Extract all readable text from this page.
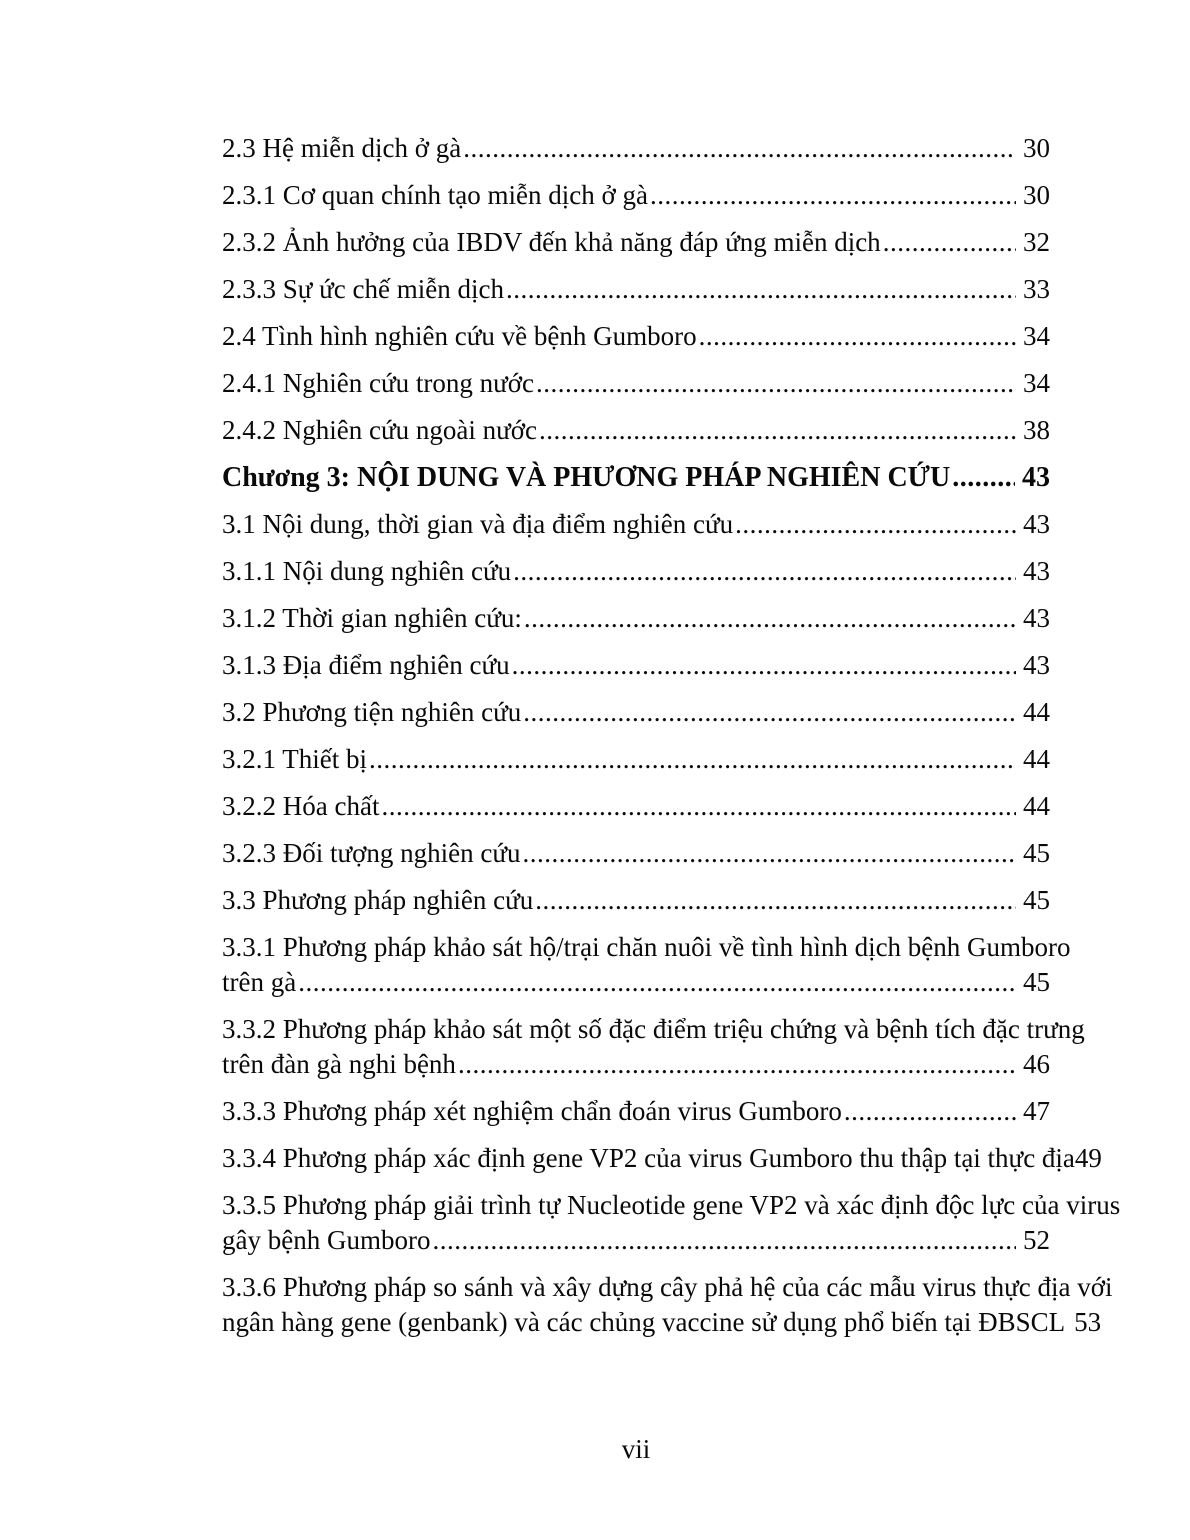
2.3 Hệ miễn dịch ở gà .....	30
2.3.1 Cơ quan chính tạo miễn dịch ở gà .....	30
2.3.2 Ảnh hưởng của IBDV đến khả năng đáp ứng miễn dịch .....	32
2.3.3 Sự ức chế miễn dịch .....	33
2.4 Tình hình nghiên cứu về bệnh Gumboro .....	34
2.4.1 Nghiên cứu trong nước .....	34
2.4.2 Nghiên cứu ngoài nước .....	38
Chương 3: NỘI DUNG VÀ PHƯƠNG PHÁP NGHIÊN CỨU .....	43
3.1 Nội dung, thời gian và địa điểm nghiên cứu .....	43
3.1.1 Nội dung nghiên cứu .....	43
3.1.2 Thời gian nghiên cứu: .....	43
3.1.3 Địa điểm nghiên cứu .....	43
3.2 Phương tiện nghiên cứu .....	44
3.2.1 Thiết bị .....	44
3.2.2 Hóa chất .....	44
3.2.3 Đối tượng nghiên cứu .....	45
3.3 Phương pháp nghiên cứu .....	45
3.3.1 Phương pháp khảo sát hộ/trại chăn nuôi về tình hình dịch bệnh Gumboro
trên gà .....	45
3.3.2 Phương pháp khảo sát một số đặc điểm triệu chứng và bệnh tích đặc trưng
trên đàn gà nghi bệnh .....	46
3.3.3 Phương pháp xét nghiệm chẩn đoán virus Gumboro .....	47
3.3.4 Phương pháp xác định gene VP2 của virus Gumboro thu thập tại thực địa 49
3.3.5 Phương pháp giải trình tự Nucleotide gene VP2 và xác định độc lực của virus
gây bệnh Gumboro .....	52
3.3.6 Phương pháp so sánh và xây dựng cây phả hệ của các mẫu virus thực địa với
ngân hàng gene (genbank) và các chủng vaccine sử dụng phổ biến tại ĐBSCL 53
vii
